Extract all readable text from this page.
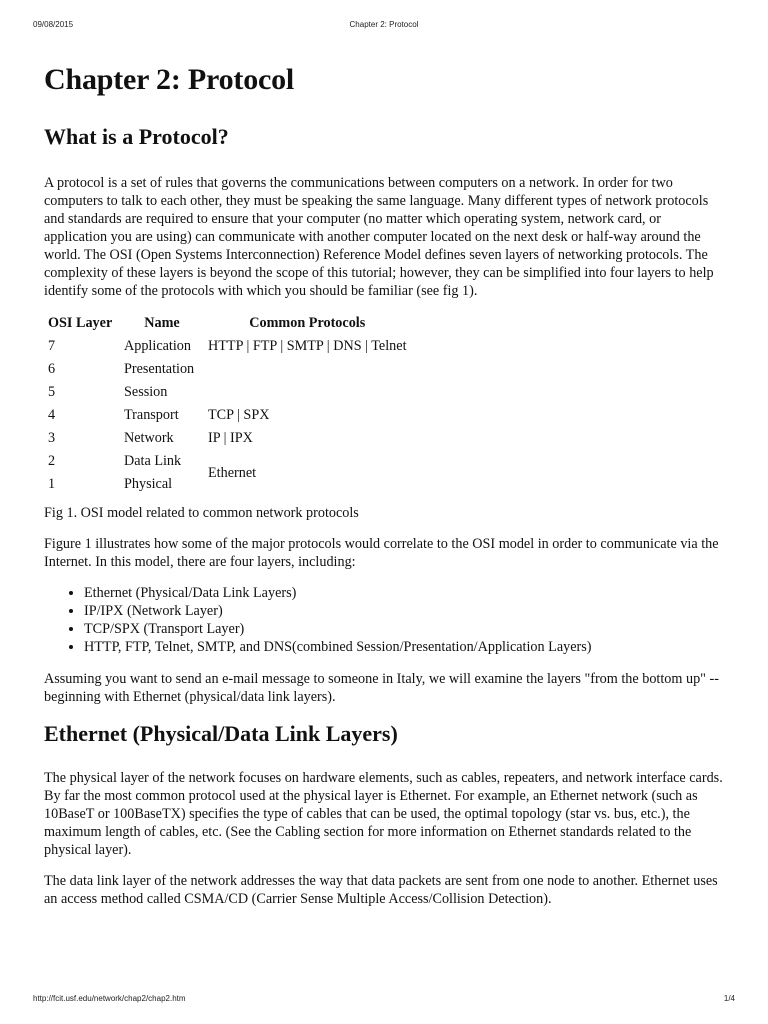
09/08/2015	Chapter 2: Protocol
Chapter 2: Protocol
What is a Protocol?

A protocol is a set of rules that governs the communications between computers on a network. In order for two computers to talk to each other, they must be speaking the same language. Many different types of network protocols and standards are required to ensure that your computer (no matter which operating system, network card, or application you are using) can communicate with another computer located on the next desk or half-way around the world. The OSI (Open Systems Interconnection) Reference Model defines seven layers of networking protocols. The complexity of these layers is beyond the scope of this tutorial; however, they can be simplified into four layers to help identify some of the protocols with which you should be familiar (see fig 1).

OSI Layer	Name	Common Protocols
7	Application	HTTP | FTP | SMTP | DNS | Telnet
6	Presentation	
5	Session	
4	Transport	TCP | SPX
3	Network	IP | IPX
2	Data Link	Ethernet
1	Physical	

Fig 1. OSI model related to common network protocols

Figure 1 illustrates how some of the major protocols would correlate to the OSI model in order to communicate via the Internet. In this model, there are four layers, including:

• Ethernet (Physical/Data Link Layers)
• IP/IPX (Network Layer)
• TCP/SPX (Transport Layer)
• HTTP, FTP, Telnet, SMTP, and DNS(combined Session/Presentation/Application Layers)

Assuming you want to send an e-mail message to someone in Italy, we will examine the layers "from the bottom up" -- beginning with Ethernet (physical/data link layers).

Ethernet (Physical/Data Link Layers)

The physical layer of the network focuses on hardware elements, such as cables, repeaters, and network interface cards. By far the most common protocol used at the physical layer is Ethernet. For example, an Ethernet network (such as 10BaseT or 100BaseTX) specifies the type of cables that can be used, the optimal topology (star vs. bus, etc.), the maximum length of cables, etc. (See the Cabling section for more information on Ethernet standards related to the physical layer).

The data link layer of the network addresses the way that data packets are sent from one node to another. Ethernet uses an access method called CSMA/CD (Carrier Sense Multiple Access/Collision Detection).

http://fcit.usf.edu/network/chap2/chap2.htm	1/4
